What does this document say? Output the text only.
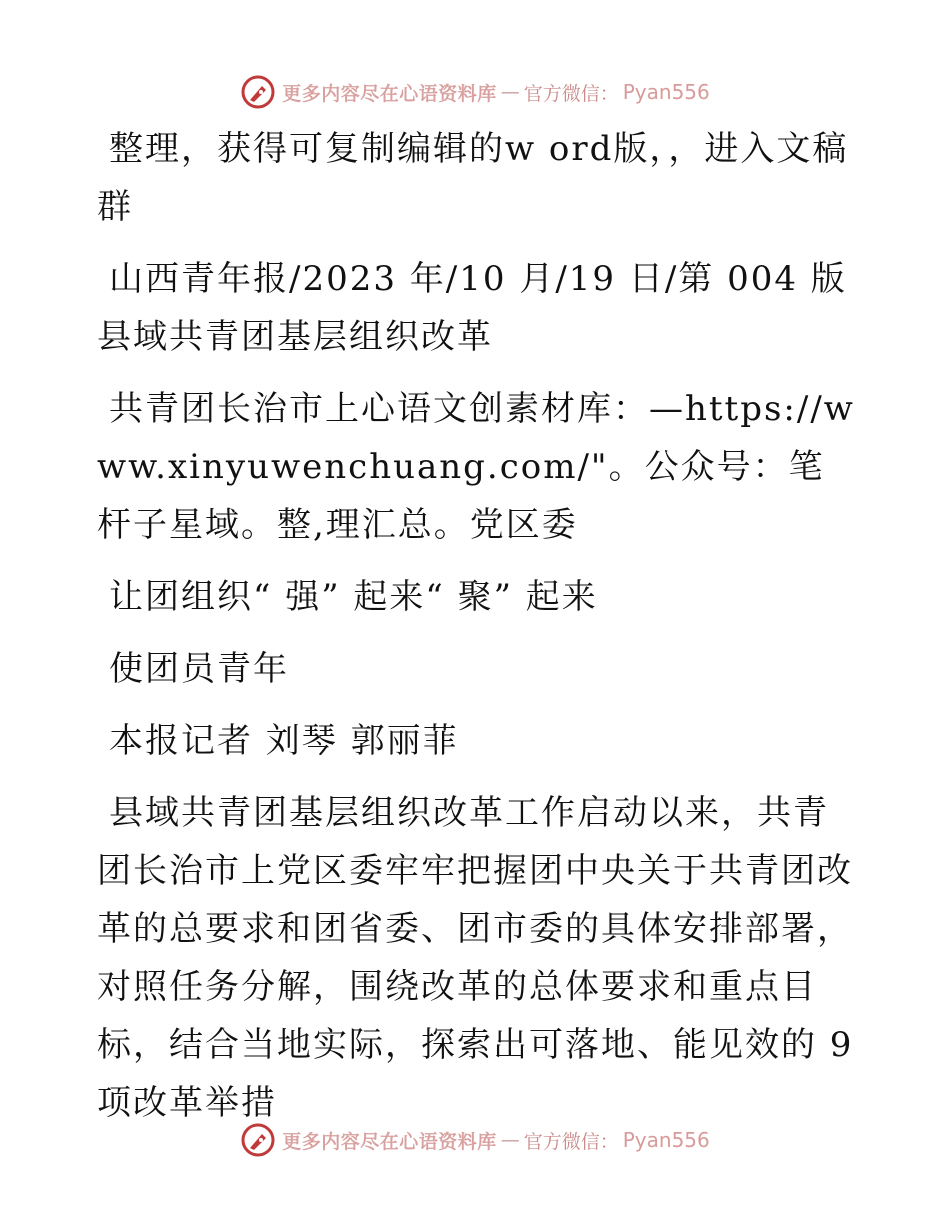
更多内容尽在心语资料库 — 官方微信： Pyan556

整理，获得可复制编辑的w ord版，，进入文稿群

山西青年报/2023 年/10 月/19 日/第 004 版县域共青团基层组织改革

共青团长治市上心语文创素材库：—https://www.xinyuwenchuang.com/"。公众号：笔杆子星域。整,理汇总。党区委

让团组织“ 强” 起来“ 聚” 起来

使团员青年

本报记者 刘琴 郭丽菲

县域共青团基层组织改革工作启动以来，共青团长治市上党区委牢牢把握团中央关于共青团改革的总要求和团省委、团市委的具体安排部署，对照任务分解，围绕改革的总体要求和重点目标，结合当地实际，探索出可落地、能见效的 9 项改革举措

更多内容尽在心语资料库 — 官方微信： Pyan556
